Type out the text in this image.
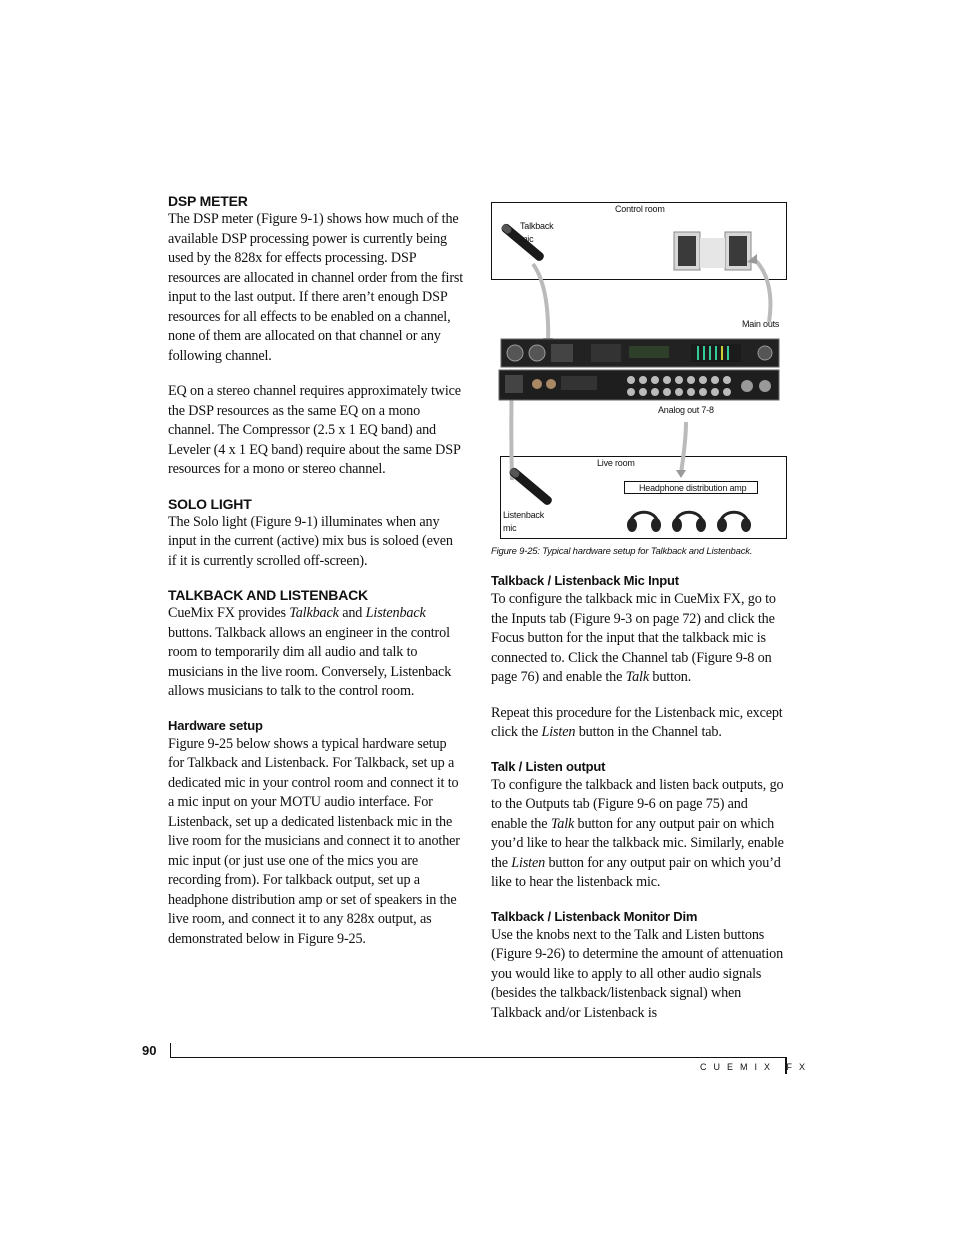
DSP METER

The DSP meter (Figure 9-1) shows how much of the available DSP processing power is currently being used by the 828x for effects processing. DSP resources are allocated in channel order from the first input to the last output. If there aren’t enough DSP resources for all effects to be enabled on a channel, none of them are allocated on that channel or any following channel.

EQ on a stereo channel requires approximately twice the DSP resources as the same EQ on a mono channel. The Compressor (2.5 x 1 EQ band) and Leveler (4 x 1 EQ band) require about the same DSP resources for a mono or stereo channel.

SOLO LIGHT

The Solo light (Figure 9-1) illuminates when any input in the current (active) mix bus is soloed (even if it is currently scrolled off-screen).

TALKBACK AND LISTENBACK

CueMix FX provides Talkback and Listenback buttons. Talkback allows an engineer in the control room to temporarily dim all audio and talk to musicians in the live room. Conversely, Listenback allows musicians to talk to the control room.

Hardware setup

Figure 9-25 below shows a typical hardware setup for Talkback and Listenback. For Talkback, set up a dedicated mic in your control room and connect it to a mic input on your MOTU audio interface. For Listenback, set up a dedicated listenback mic in the live room for the musicians and connect it to another mic input (or just use one of the mics you are recording from). For talkback output, set up a headphone distribution amp or set of speakers in the live room, and connect it to any 828x output, as demonstrated below in Figure 9-25.

Control room
Talkback
mic
Main outs
Analog out 7-8
Live room
Headphone distribution amp
Listenback
mic
Figure 9-25: Typical hardware setup for Talkback and Listenback.
Talkback / Listenback Mic Input

To configure the talkback mic in CueMix FX, go to the Inputs tab (Figure 9-3 on page 72) and click the Focus button for the input that the talkback mic is connected to. Click the Channel tab (Figure 9-8 on page 76) and enable the Talk button.

Repeat this procedure for the Listenback mic, except click the Listen button in the Channel tab.

Talk / Listen output

To configure the talkback and listen back outputs, go to the Outputs tab (Figure 9-6 on page 75) and enable the Talk button for any output pair on which you’d like to hear the talkback mic. Similarly, enable the Listen button for any output pair on which you’d like to hear the listenback mic.

Talkback / Listenback Monitor Dim

Use the knobs next to the Talk and Listen buttons (Figure 9-26) to determine the amount of attenuation you would like to apply to all other audio signals (besides the talkback/listenback signal) when Talkback and/or Listenback is

90
CUEMIX FX
